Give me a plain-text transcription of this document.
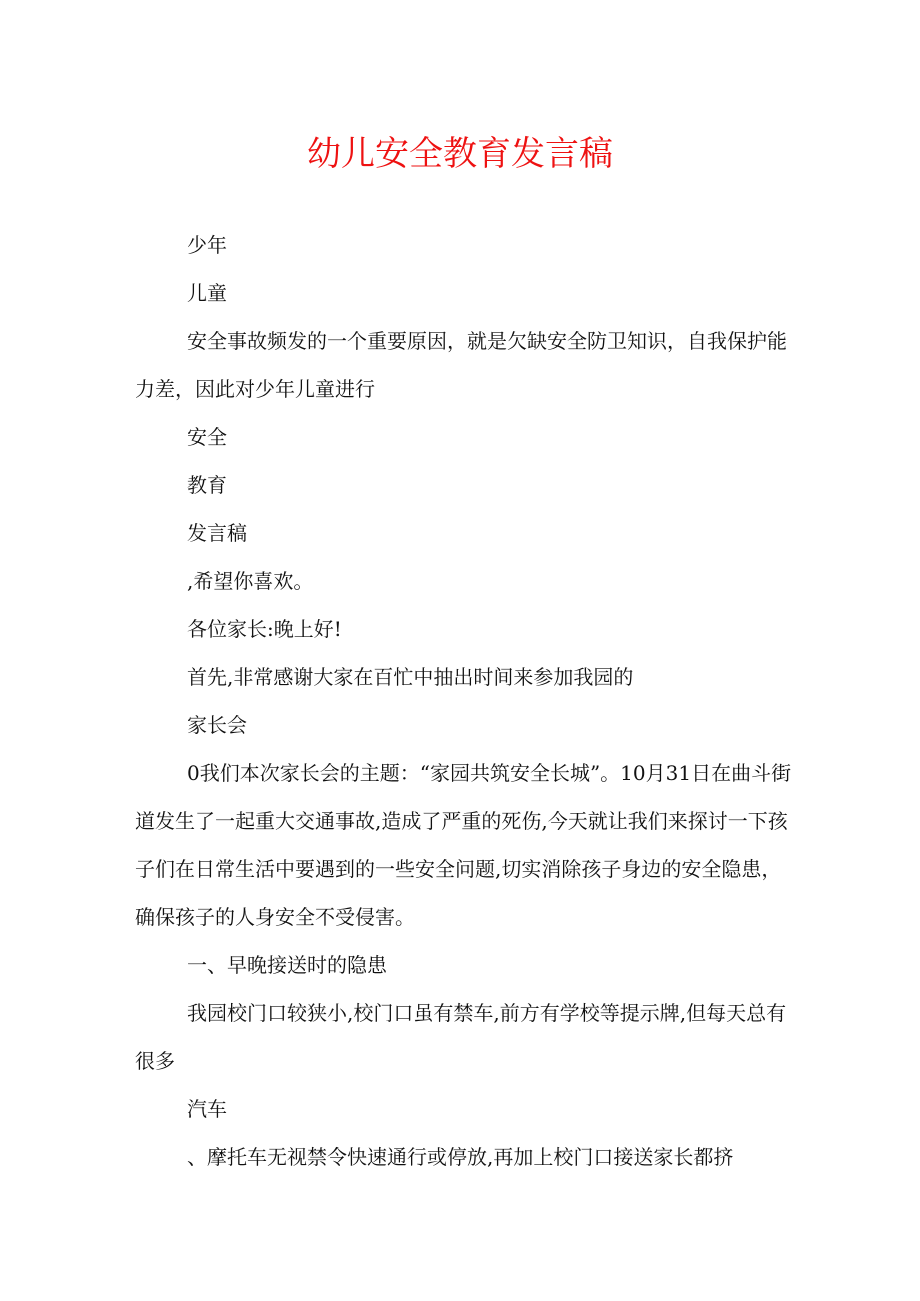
幼儿安全教育发言稿

少年

儿童

安全事故频发的一个重要原因，就是欠缺安全防卫知识，自我保护能力差，因此对少年儿童进行

安全

教育

发言稿

,希望你喜欢。

各位家长:晚上好!

首先,非常感谢大家在百忙中抽出时间来参加我园的

家长会

0我们本次家长会的主题：“家园共筑安全长城”。10月31日在曲斗街道发生了一起重大交通事故,造成了严重的死伤,今天就让我们来探讨一下孩子们在日常生活中要遇到的一些安全问题,切实消除孩子身边的安全隐患，确保孩子的人身安全不受侵害。

一、早晚接送时的隐患

我园校门口较狭小,校门口虽有禁车,前方有学校等提示牌,但每天总有很多

汽车

、摩托车无视禁令快速通行或停放,再加上校门口接送家长都挤
